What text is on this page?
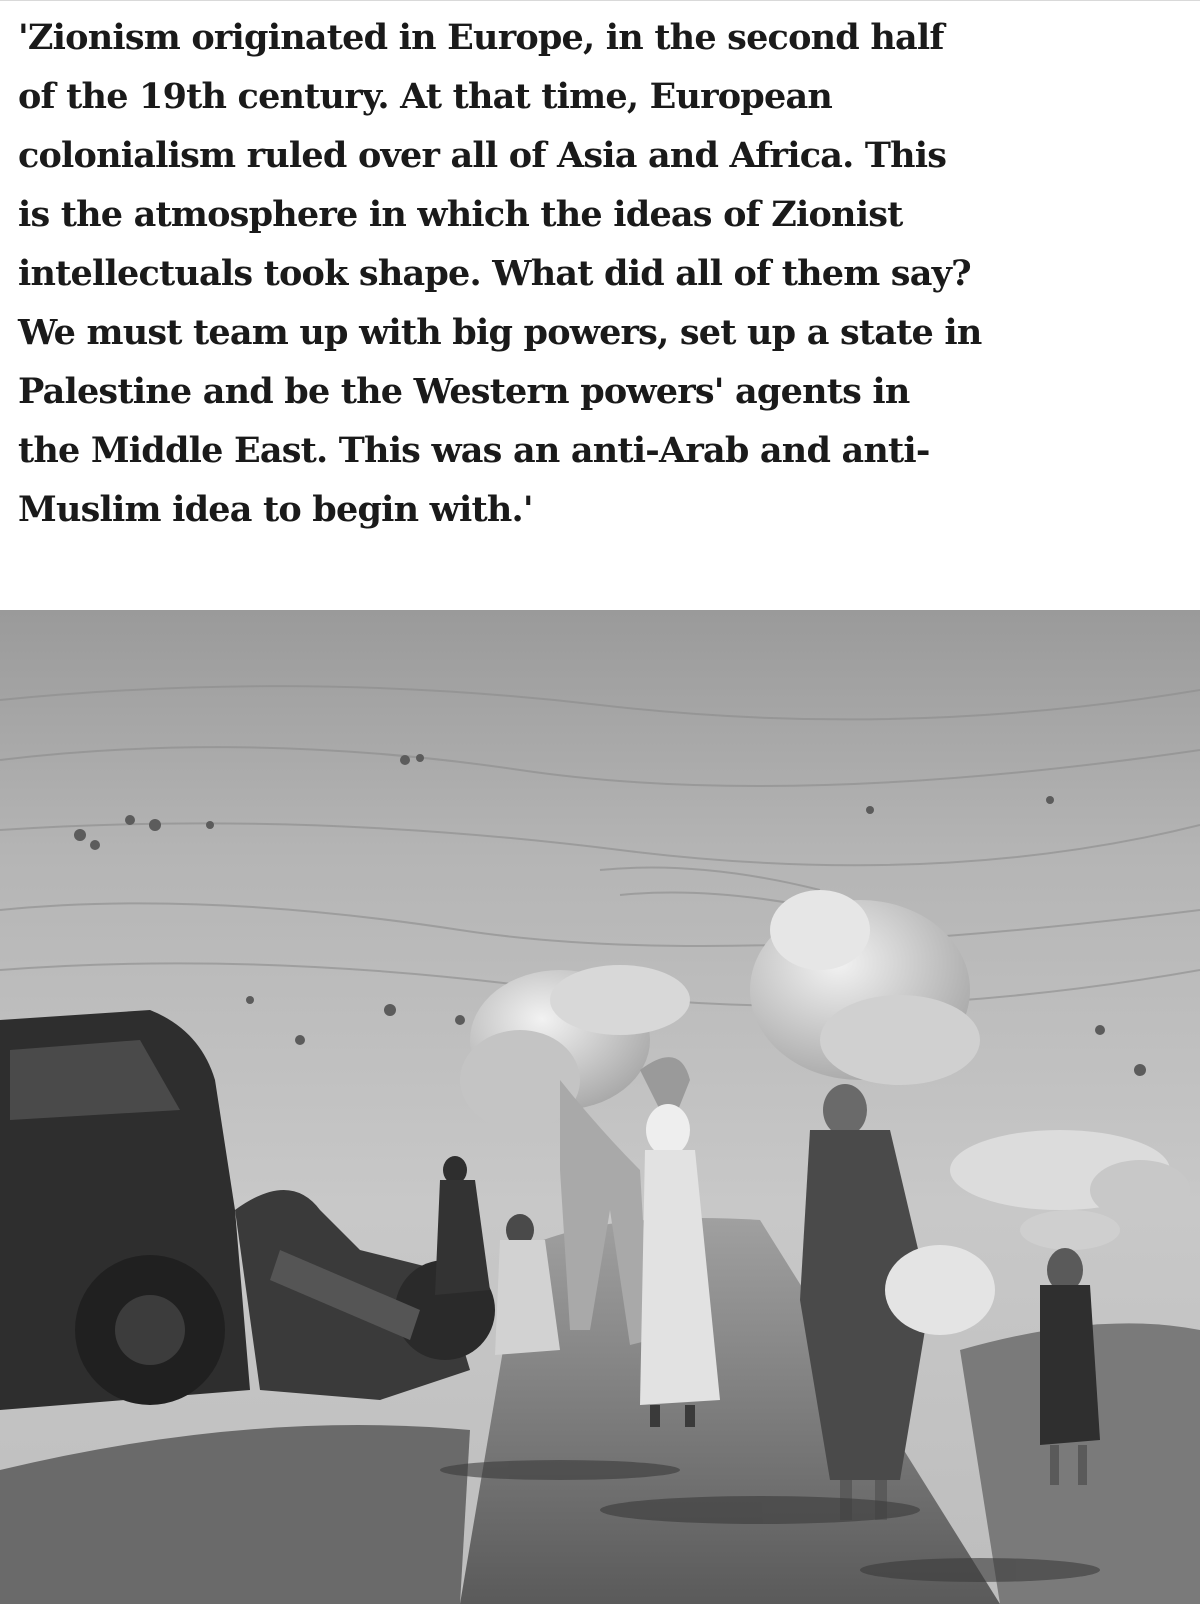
'Zionism originated in Europe, in the second half
of the 19th century. At that time, European
colonialism ruled over all of Asia and Africa. This
is the atmosphere in which the ideas of Zionist
intellectuals took shape. What did all of them say?
We must team up with big powers, set up a state in
Palestine and be the Western powers' agents in
the Middle East. This was an anti-Arab and anti-
Muslim idea to begin with.'
